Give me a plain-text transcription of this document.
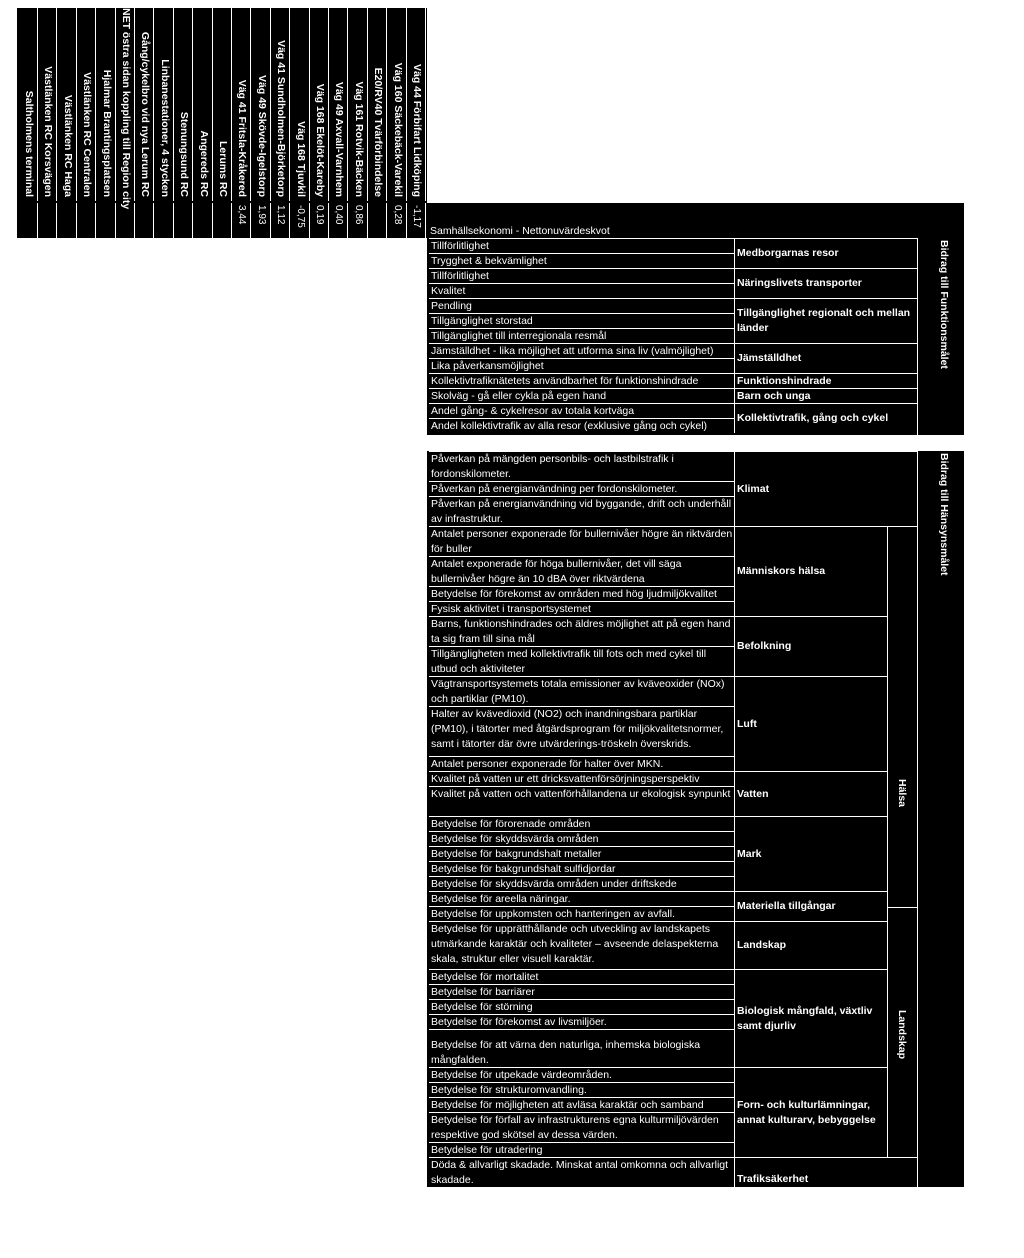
Saltholmens terminal Västlänken RC Korsvägen Västlänken RC Haga Västlänken RC Centralen Hjalmar Brantingsplatsen NET östra sidan koppling till Region city Gång/cykelbro vid nya Lerum RC Linbanestationer, 4 stycken Stenungsund RC Angereds RC Lerums RC Väg 41 Fritsla-Kråkered Väg 49 Skövde-Igelstorp Väg 41 Sundholmen-Björketorp Väg 168 Tjuvkil Väg 168 Ekelöt-Kareby Väg 49 Axvall-Varnhem Väg 161 Rotvik-Bäcken E20/RV40 Tvärförbindelse Väg 160 Säckebäck-Varekil Väg 44 Förbifart Lidköping
3,44 1,93 1,12 -0,75 0,19 0,40 0,86	0,28 -1,17
Samhällsekonomi - Nettonuvärdeskvot
Tillförlitlighet
Trygghet & bekvämlighet
Tillförlitlighet
Kvalitet
Pendling
Tillgänglighet storstad
Tillgänglighet till interregionala resmål
Jämställdhet - lika möjlighet att utforma sina liv (valmöjlighet)
Lika påverkansmöjlighet
Kollektivtrafiknätetets användbarhet för funktionshindrade
Skolväg - gå eller cykla på egen hand
Andel gång- & cykelresor av totala kortväga
Andel kollektivtrafik av alla resor (exklusive gång och cykel)
Medborgarnas resor
Näringslivets transporter
Tillgänglighet regionalt och mellan länder
Jämställdhet
Funktionshindrade
Barn och unga
Kollektivtrafik, gång och cykel
Bidrag till Funktionsmålet
Påverkan på mängden personbils- och lastbilstrafik i fordonskilometer.
Påverkan på energianvändning per fordonskilometer.
Påverkan på energianvändning vid byggande, drift och underhåll av infrastruktur.
Antalet personer exponerade för bullernivåer högre än riktvärden för buller
Antalet exponerade för höga bullernivåer, det vill säga bullernivåer högre än 10 dBA över riktvärdena
Betydelse för förekomst av områden med hög ljudmiljökvalitet
Fysisk aktivitet i transportsystemet
Barns, funktionshindrades och äldres möjlighet att på egen hand ta sig fram till sina mål
Tillgängligheten med kollektivtrafik till fots och med cykel till utbud och aktiviteter
Vägtransportsystemets totala emissioner av kväveoxider (NOx) och partiklar (PM10).
Halter av kvävedioxid (NO2) och inandningsbara partiklar (PM10), i tätorter med åtgärdsprogram för miljökvalitetsnormer, samt i tätorter där övre utvärderings-tröskeln överskrids.
Antalet personer exponerade för halter över MKN.
Kvalitet på vatten ur ett dricksvattenförsörjningsperspektiv
Kvalitet på vatten och vattenförhållandena ur ekologisk synpunkt
Betydelse för förorenade områden
Betydelse för skyddsvärda områden
Betydelse för bakgrundshalt metaller
Betydelse för bakgrundshalt sulfidjordar
Betydelse för skyddsvärda områden under driftskede
Betydelse för areella näringar.
Betydelse för uppkomsten och hanteringen av avfall.
Betydelse för upprätthållande och utveckling av landskapets utmärkande karaktär och kvaliteter – avseende delaspekterna skala, struktur eller visuell karaktär.
Betydelse för mortalitet
Betydelse för barriärer
Betydelse för störning
Betydelse för förekomst av livsmiljöer.
Betydelse för att värna den naturliga, inhemska biologiska mångfalden.
Betydelse för utpekade värdeområden.
Betydelse för strukturomvandling.
Betydelse för möjligheten att avläsa karaktär och samband
Betydelse för förfall av infrastrukturens egna kulturmiljövärden respektive god skötsel av dessa värden.
Betydelse för utradering
Döda & allvarligt skadade. Minskat antal omkomna och allvarligt skadade.
Klimat
Människors hälsa
Befolkning
Luft
Vatten
Mark
Materiella tillgångar
Landskap
Biologisk mångfald, växtliv samt djurliv
Forn- och kulturlämningar, annat kulturarv, bebyggelse
Trafiksäkerhet
Hälsa
Landskap
Bidrag till Hänsynsmålet
